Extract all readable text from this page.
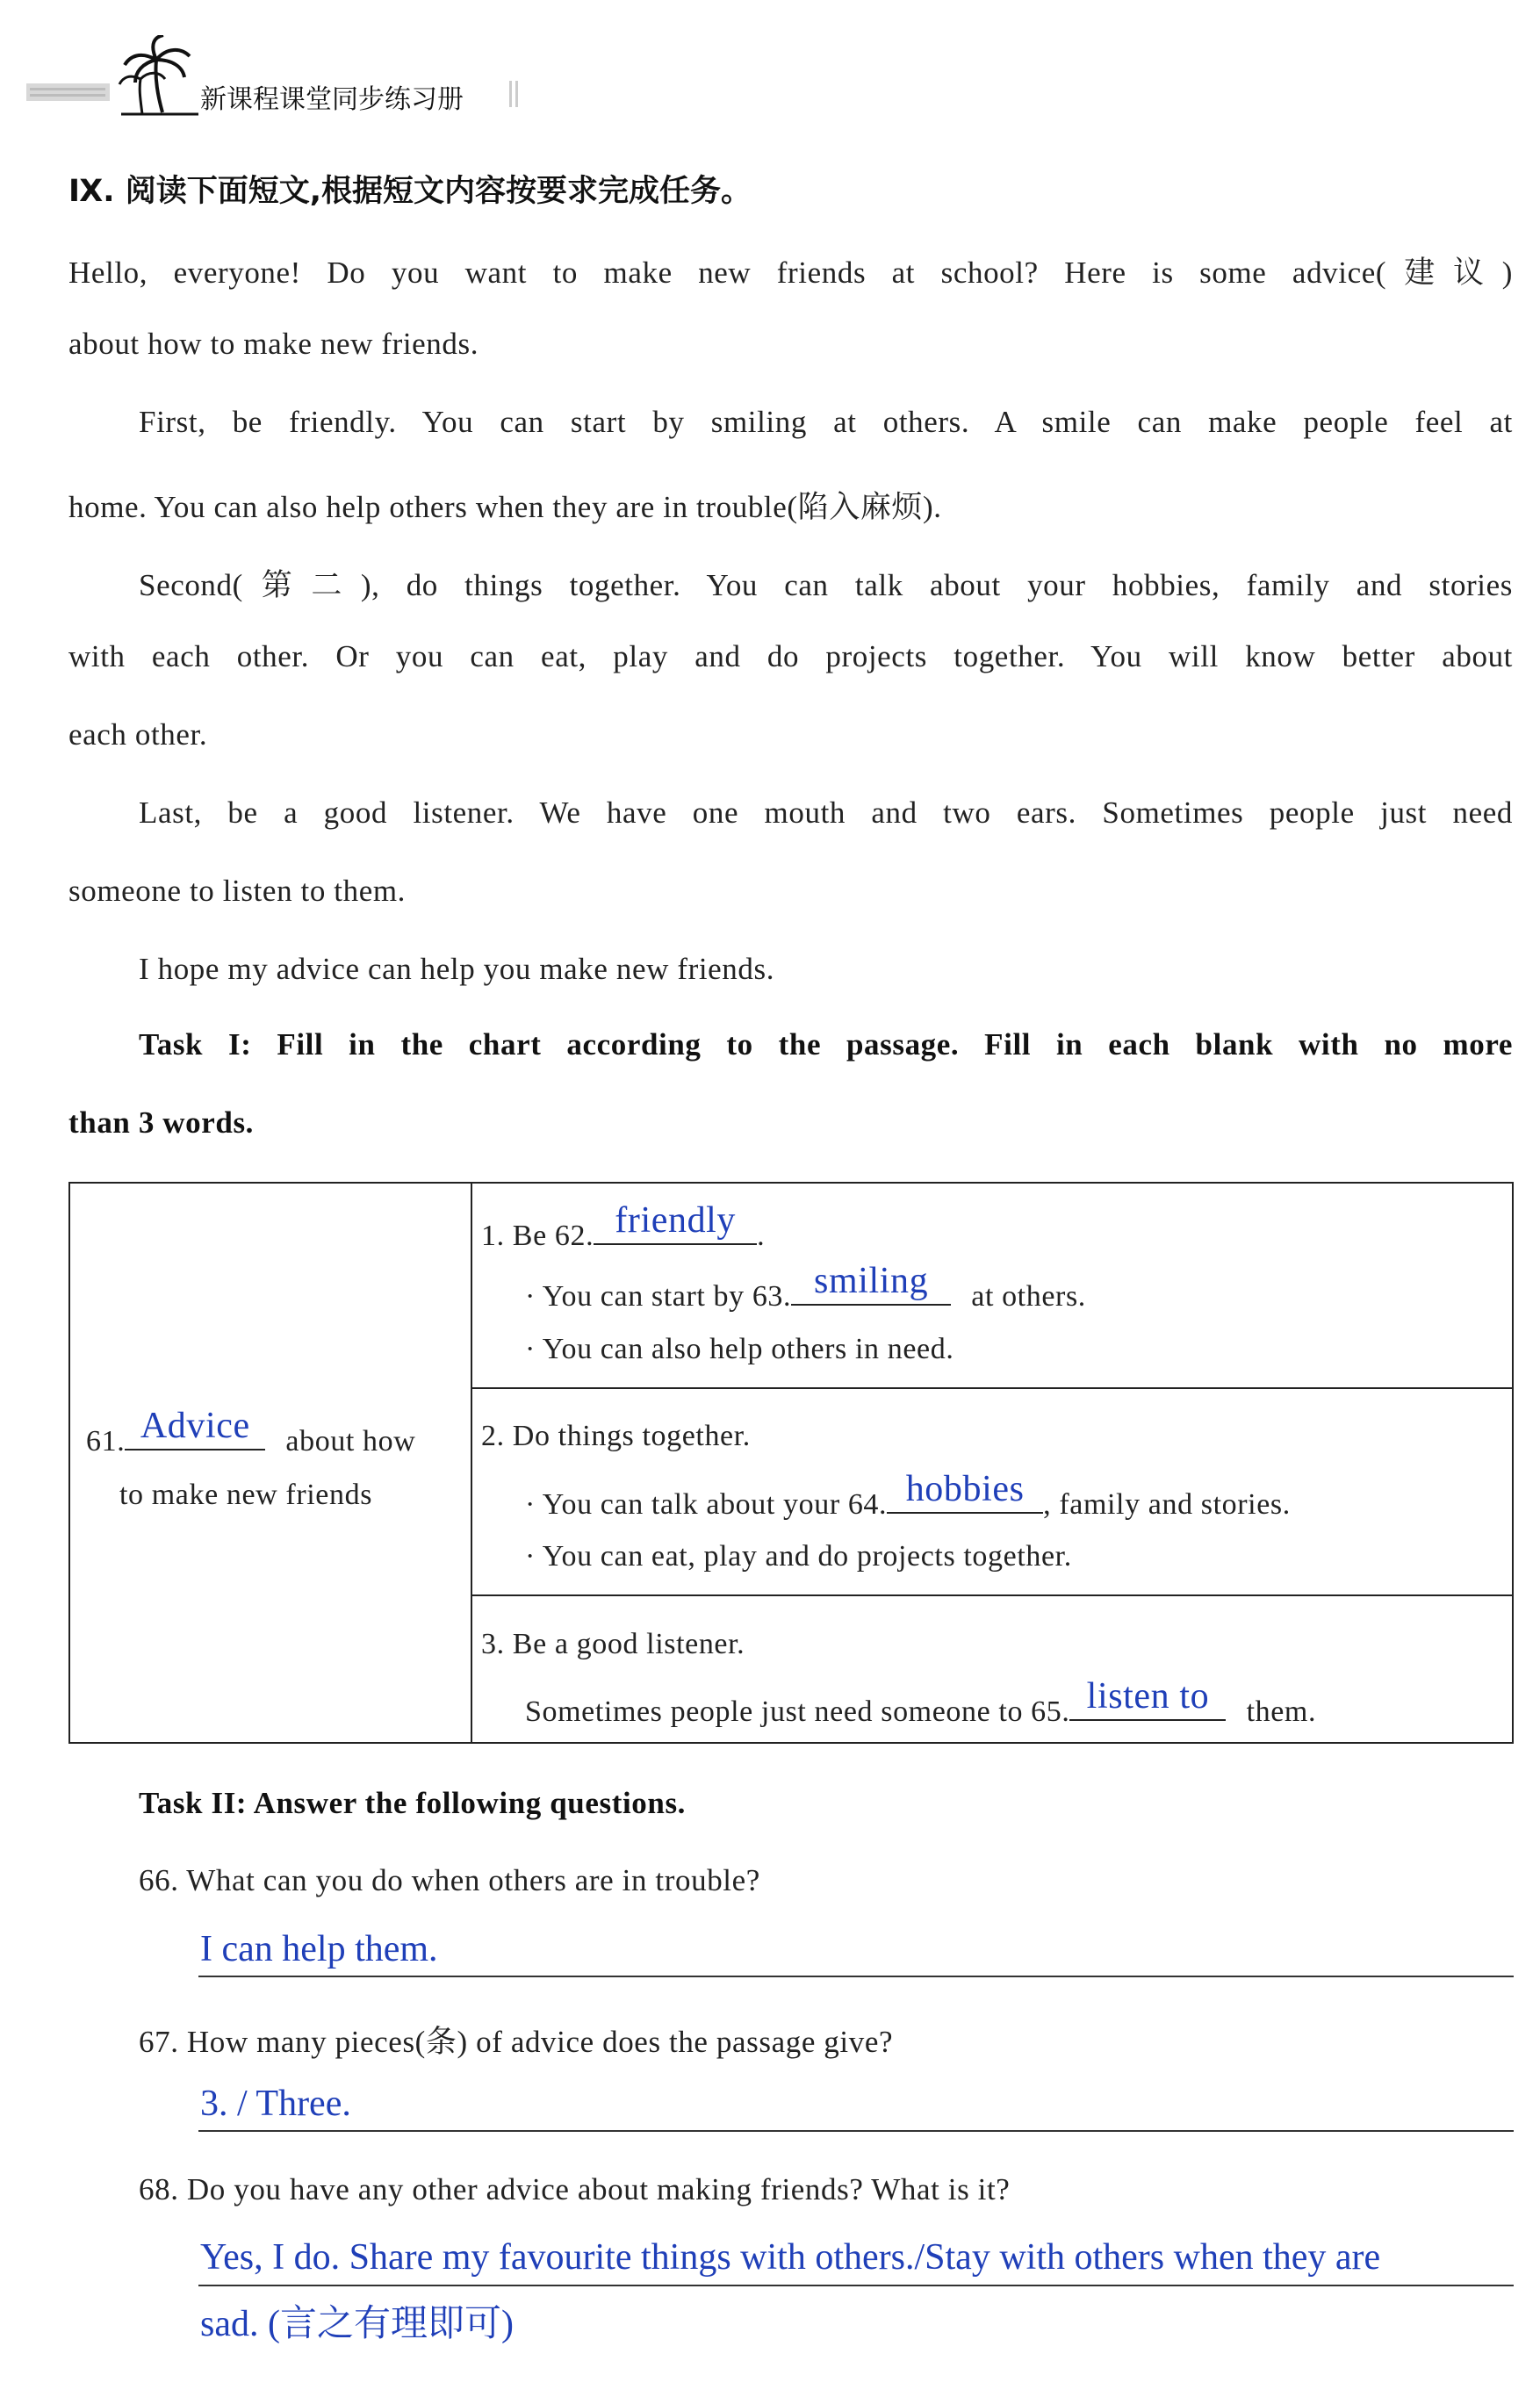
新课程课堂同步练习册
Ⅸ. 阅读下面短文,根据短文内容按要求完成任务。
Hello, everyone! Do you want to make new friends at school? Here is some advice(建议)
about how to make new friends.
First, be friendly. You can start by smiling at others. A smile can make people feel at
home. You can also help others when they are in trouble(陷入麻烦).
Second(第二), do things together. You can talk about your hobbies, family and stories
with each other. Or you can eat, play and do projects together. You will know better about
each other.
Last, be a good listener. We have one mouth and two ears. Sometimes people just need
someone to listen to them.
I hope my advice can help you make new friends.
Task I: Fill in the chart according to the passage. Fill in each blank with no more
than 3 words.
61. Advice	about how
to make new friends
1. Be 62. friendly .
· You can start by 63. smiling	at others.
· You can also help others in need.
2. Do things together.
· You can talk about your 64. hobbies , family and stories.
· You can eat, play and do projects together.
3. Be a good listener.
Sometimes people just need someone to 65. listen to	them.
Task II: Answer the following questions.
66. What can you do when others are in trouble?
I can help them.
67. How many pieces(条) of advice does the passage give?
3. / Three.
68. Do you have any other advice about making friends? What is it?
Yes, I do. Share my favourite things with others./Stay with others when they are
sad. (言之有理即可)
